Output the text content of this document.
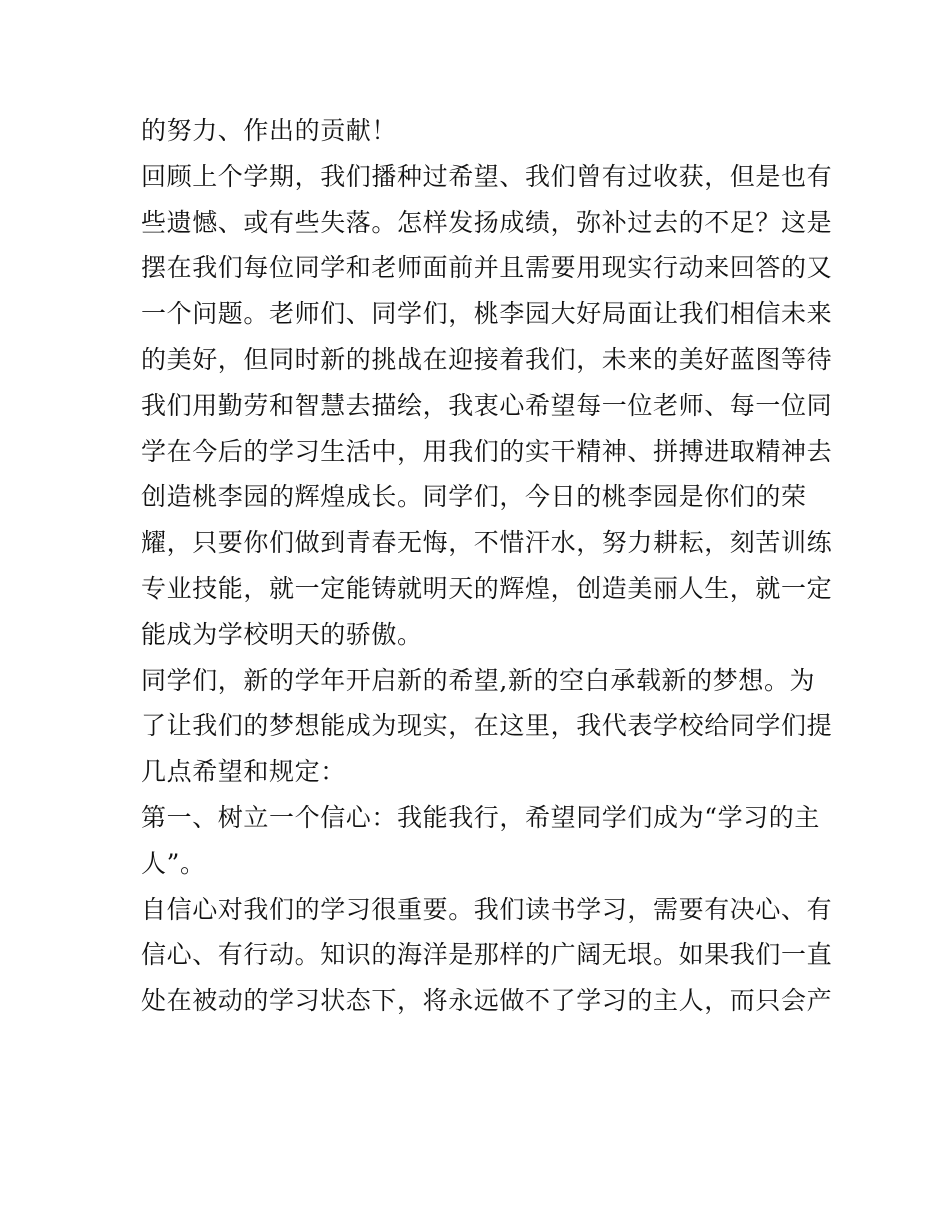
的努力、作出的贡献！

回顾上个学期，我们播种过希望、我们曾有过收获，但是也有

些遗憾、或有些失落。怎样发扬成绩，弥补过去的不足？这是

摆在我们每位同学和老师面前并且需要用现实行动来回答的又

一个问题。老师们、同学们，桃李园大好局面让我们相信未来

的美好，但同时新的挑战在迎接着我们，未来的美好蓝图等待

我们用勤劳和智慧去描绘，我衷心希望每一位老师、每一位同

学在今后的学习生活中，用我们的实干精神、拼搏进取精神去

创造桃李园的辉煌成长。同学们，今日的桃李园是你们的荣

耀，只要你们做到青春无悔，不惜汗水，努力耕耘，刻苦训练

专业技能，就一定能铸就明天的辉煌，创造美丽人生，就一定

能成为学校明天的骄傲。

同学们，新的学年开启新的希望,新的空白承载新的梦想。为

了让我们的梦想能成为现实，在这里，我代表学校给同学们提

几点希望和规定：

第一、树立一个信心：我能我行，希望同学们成为“学习的主

人”。

自信心对我们的学习很重要。我们读书学习，需要有决心、有

信心、有行动。知识的海洋是那样的广阔无垠。如果我们一直

处在被动的学习状态下，将永远做不了学习的主人，而只会产
